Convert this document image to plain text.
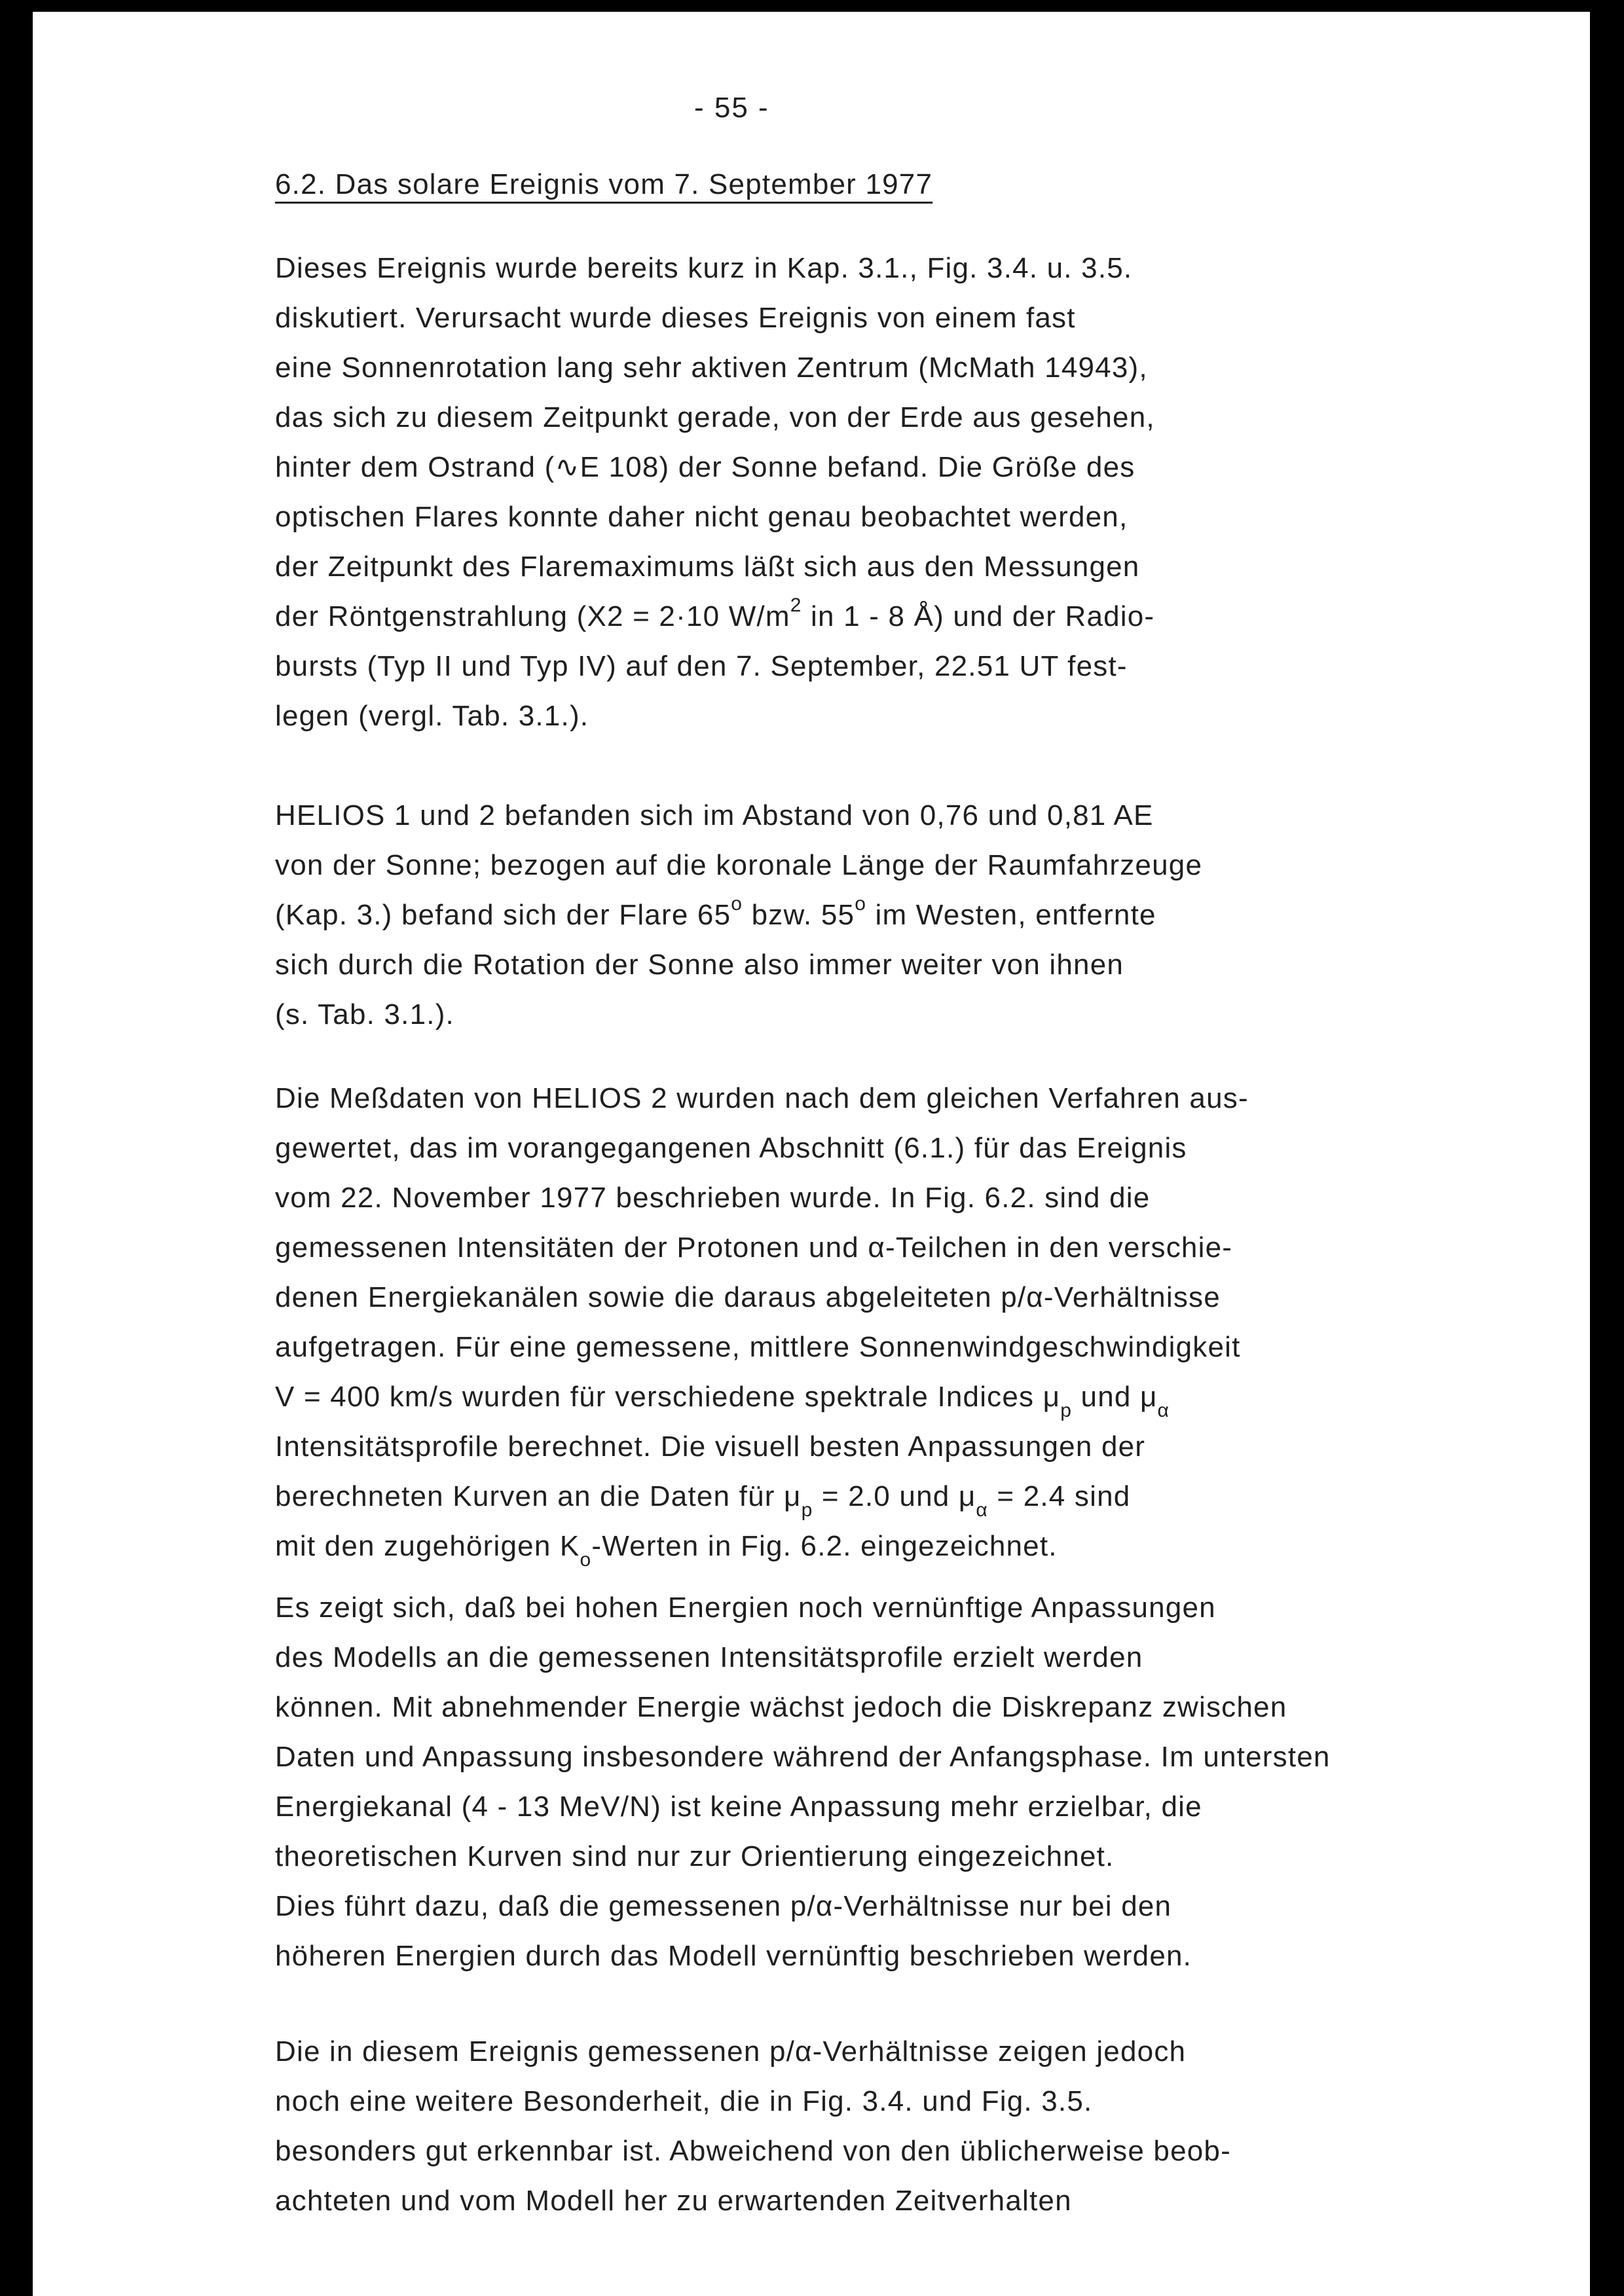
- 55 -
6.2. Das solare Ereignis vom 7. September 1977
Dieses Ereignis wurde bereits kurz in Kap. 3.1., Fig. 3.4. u. 3.5.
diskutiert. Verursacht wurde dieses Ereignis von einem fast
eine Sonnenrotation lang sehr aktiven Zentrum (McMath 14943),
das sich zu diesem Zeitpunkt gerade, von der Erde aus gesehen,
hinter dem Ostrand (∿E 108) der Sonne befand. Die Größe des
optischen Flares konnte daher nicht genau beobachtet werden,
der Zeitpunkt des Flaremaximums läßt sich aus den Messungen
der Röntgenstrahlung (X2 = 2·10 $W/m^2$ in 1 - 8 Å) und der Radio-
bursts (Typ II und Typ IV) auf den 7. September, 22.51 UT fest-
legen (vergl. Tab. 3.1.).
HELIOS 1 und 2 befanden sich im Abstand von 0,76 und 0,81 AE
von der Sonne; bezogen auf die koronale Länge der Raumfahrzeuge
(Kap. 3.) befand sich der Flare 65$^o$ bzw. 55$^o$ im Westen, entfernte
sich durch die Rotation der Sonne also immer weiter von ihnen
(s. Tab. 3.1.).
Die Meßdaten von HELIOS 2 wurden nach dem gleichen Verfahren aus-
gewertet, das im vorangegangenen Abschnitt (6.1.) für das Ereignis
vom 22. November 1977 beschrieben wurde. In Fig. 6.2. sind die
gemessenen Intensitäten der Protonen und α-Teilchen in den verschie-
denen Energiekanälen sowie die daraus abgeleiteten p/α-Verhältnisse
aufgetragen. Für eine gemessene, mittlere Sonnenwindgeschwindigkeit
V = 400 km/s wurden für verschiedene spektrale Indices $\mu_p$ und $\mu_\alpha$
Intensitätsprofile berechnet. Die visuell besten Anpassungen der
berechneten Kurven an die Daten für $\mu_p = 2.0$ und $\mu_\alpha = 2.4$ sind
mit den zugehörigen $K_o$-Werten in Fig. 6.2. eingezeichnet.
Es zeigt sich, daß bei hohen Energien noch vernünftige Anpassungen
des Modells an die gemessenen Intensitätsprofile erzielt werden
können. Mit abnehmender Energie wächst jedoch die Diskrepanz zwischen
Daten und Anpassung insbesondere während der Anfangsphase. Im untersten
Energiekanal (4 - 13 MeV/N) ist keine Anpassung mehr erzielbar, die
theoretischen Kurven sind nur zur Orientierung eingezeichnet.
Dies führt dazu, daß die gemessenen p/α-Verhältnisse nur bei den
höheren Energien durch das Modell vernünftig beschrieben werden.
Die in diesem Ereignis gemessenen p/α-Verhältnisse zeigen jedoch
noch eine weitere Besonderheit, die in Fig. 3.4. und Fig. 3.5.
besonders gut erkennbar ist. Abweichend von den üblicherweise beob-
achteten und vom Modell her zu erwartenden Zeitverhalten
